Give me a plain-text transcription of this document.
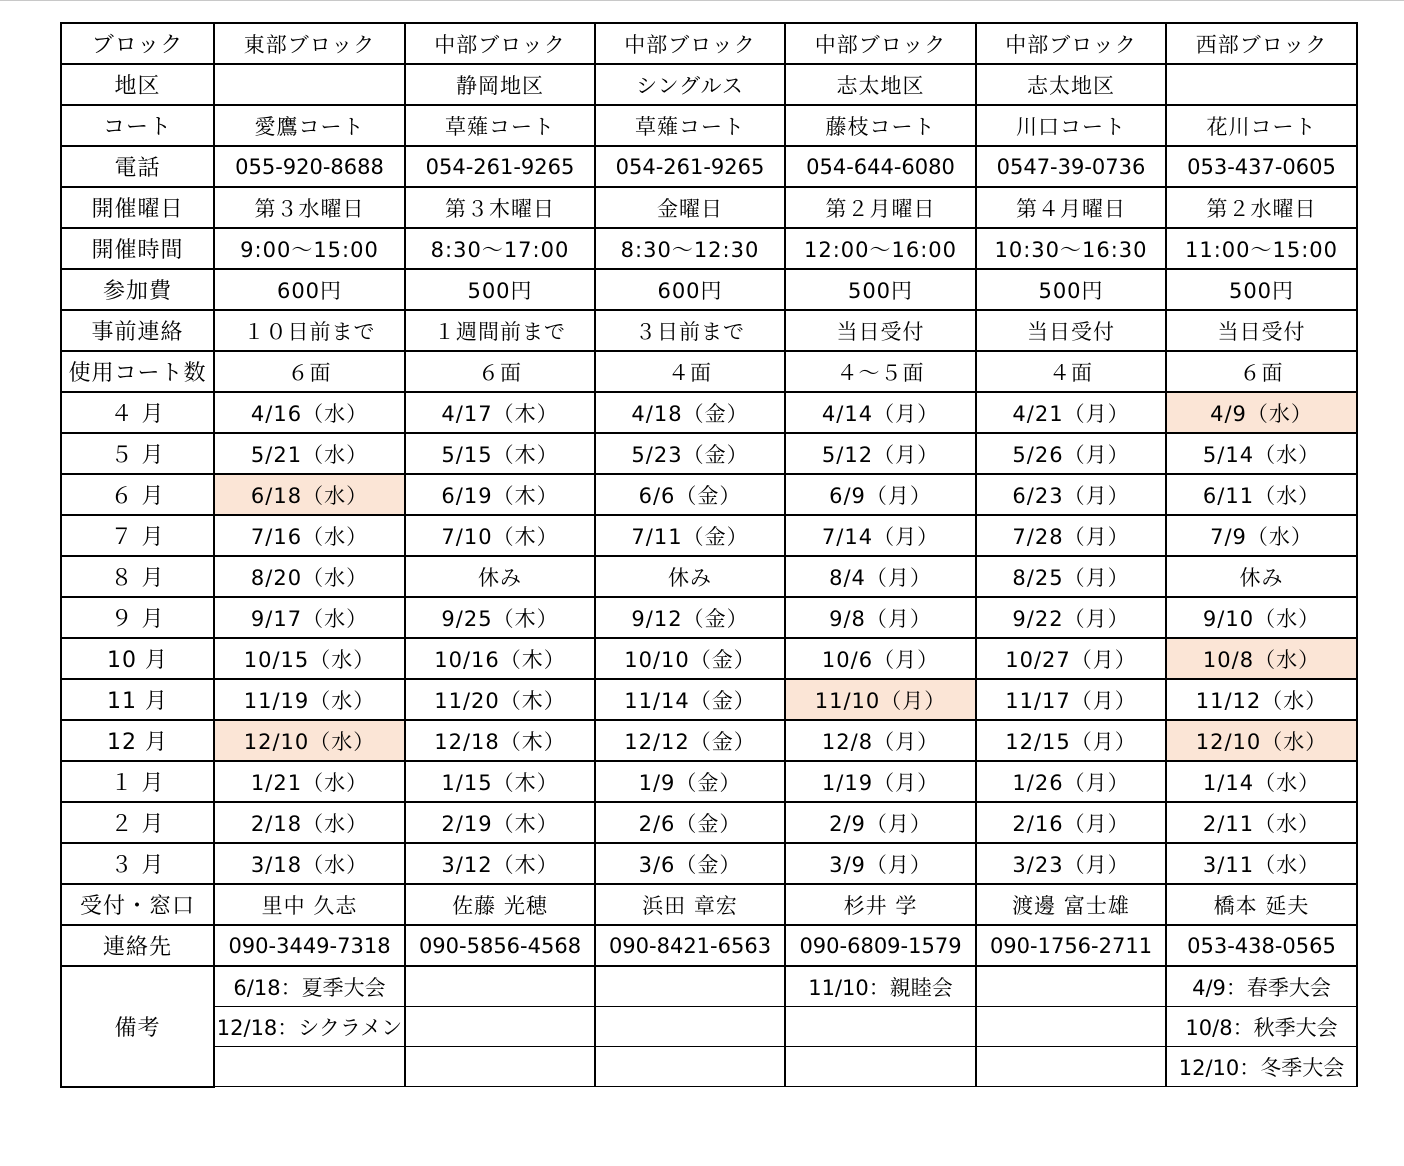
ブロック	東部ブロック	中部ブロック	中部ブロック	中部ブロック	中部ブロック	西部ブロック
地区		静岡地区	シングルス	志太地区	志太地区	
コート	愛鷹コート	草薙コート	草薙コート	藤枝コート	川口コート	花川コート
電話	055-920-8688	054-261-9265	054-261-9265	054-644-6080	0547-39-0736	053-437-0605
開催曜日	第３水曜日	第３木曜日	金曜日	第２月曜日	第４月曜日	第２水曜日
開催時間	9:00～15:00	8:30～17:00	8:30～12:30	12:00～16:00	10:30～16:30	11:00～15:00
参加費	600円	500円	600円	500円	500円	500円
事前連絡	１０日前まで	１週間前まで	３日前まで	当日受付	当日受付	当日受付
使用コート数	６面	６面	４面	４～５面	４面	６面
４ 月	4/16（水）	4/17（木）	4/18（金）	4/14（月）	4/21（月）	4/9（水）
５ 月	5/21（水）	5/15（木）	5/23（金）	5/12（月）	5/26（月）	5/14（水）
６ 月	6/18（水）	6/19（木）	6/6（金）	6/9（月）	6/23（月）	6/11（水）
７ 月	7/16（水）	7/10（木）	7/11（金）	7/14（月）	7/28（月）	7/9（水）
８ 月	8/20（水）	休み	休み	8/4（月）	8/25（月）	休み
９ 月	9/17（水）	9/25（木）	9/12（金）	9/8（月）	9/22（月）	9/10（水）
10 月	10/15（水）	10/16（木）	10/10（金）	10/6（月）	10/27（月）	10/8（水）
11 月	11/19（水）	11/20（木）	11/14（金）	11/10（月）	11/17（月）	11/12（水）
12 月	12/10（水）	12/18（木）	12/12（金）	12/8（月）	12/15（月）	12/10（水）
１ 月	1/21（水）	1/15（木）	1/9（金）	1/19（月）	1/26（月）	1/14（水）
２ 月	2/18（水）	2/19（木）	2/6（金）	2/9（月）	2/16（月）	2/11（水）
３ 月	3/18（水）	3/12（木）	3/6（金）	3/9（月）	3/23（月）	3/11（水）
受付・窓口	里中 久志	佐藤 光穂	浜田 章宏	杉井 学	渡邊 富士雄	橋本 延夫
連絡先	090-3449-7318	090-5856-4568	090-8421-6563	090-6809-1579	090-1756-2711	053-438-0565
備考	6/18：夏季大会			11/10：親睦会		4/9：春季大会
	12/18：シクラメン					10/8：秋季大会
						12/10：冬季大会
